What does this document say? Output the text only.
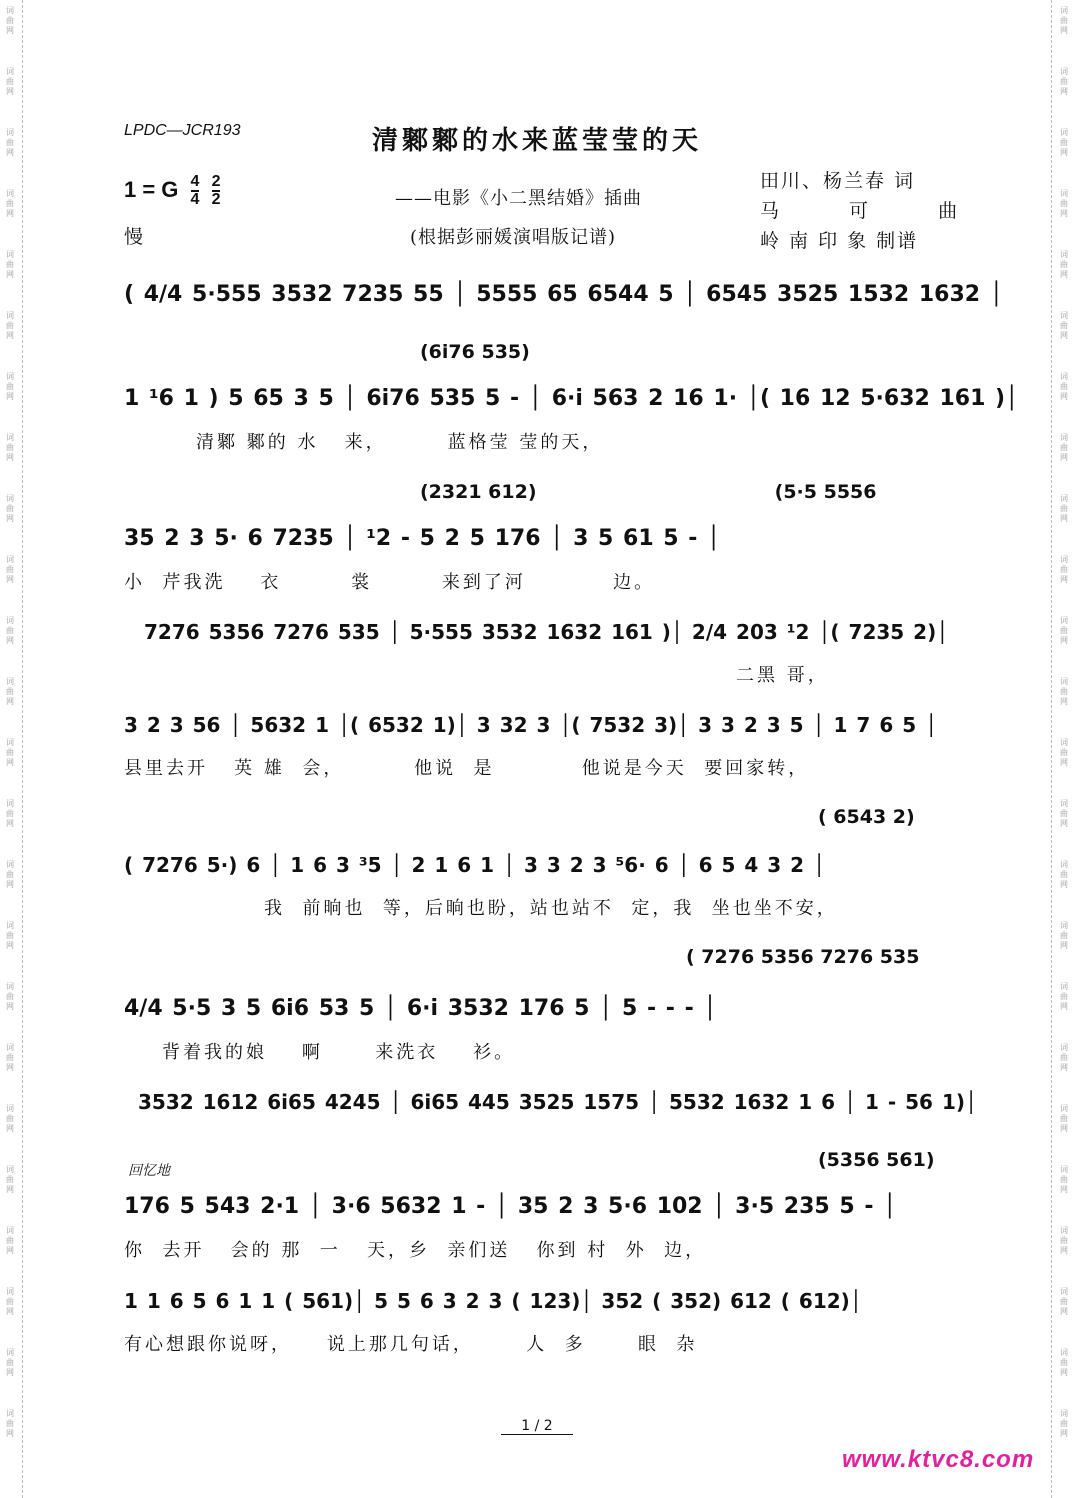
词
曲
网
词
曲
网
词
曲
网
词
曲
网
词
曲
网
词
曲
网
词
曲
网
词
曲
网
词
曲
网
词
曲
网
词
曲
网
词
曲
网
词
曲
网
词
曲
网
词
曲
网
词
曲
网
词
曲
网
词
曲
网
词
曲
网
词
曲
网
词
曲
网
词
曲
网
词
曲
网
词
曲
网
词
曲
网
词
曲
网
词
曲
网
词
曲
网
词
曲
网
词
曲
网
词
曲
网
词
曲
网
词
曲
网
词
曲
网
词
曲
网
词
曲
网
词
曲
网
词
曲
网
词
曲
网
词
曲
网
词
曲
网
词
曲
网
词
曲
网
词
曲
网
词
曲
网
词
曲
网
词
曲
网
词
曲
网
LPDC—JCR193	清鄹鄹的水来蓝莹莹的天
1 = G $\frac{4}{4}$
$\frac{2}{2}$
慢
——电影《小二黑结婚》插曲
(根据彭丽媛演唱版记谱)
田川、杨兰春 词
马 可 曲
岭 南 印 象 制谱
( 4/4 5·555 3532 7235 55 │ 5555 65 6544 5 │ 6545 3525 1532 1632 │
(6i76 535)
1 ¹6 1 ) 5 65 3 5 │ 6i76 535 5 - │ 6·i 563 2 16 1· │( 16 12 5·632 161 )│
清鄹 鄹的 水   来，       蓝格莹 莹的天，
(2321 612)                                    (5·5 5556
35 2 3 5· 6 7235 │ ¹2 - 5 2 5 176 │ 3 5 61 5 - │
小  芹我洗    衣        裳        来到了河          边。
7276 5356 7276 535 │ 5·555 3532 1632 161 )│ 2/4 203 ¹2 │( 7235 2)│
二黑 哥，
3 2 3 56 │ 5632 1 │( 6532 1)│ 3 32 3 │( 7532 3)│ 3 3 2 3 5 │ 1 7 6 5 │
县里去开   英 雄  会，        他说  是          他说是今天  要回家转，
( 6543 2)
( 7276 5·) 6 │ 1 6 3 ³5 │ 2 1 6 1 │ 3 3 2 3 ⁵6· 6 │ 6 5 4 3 2 │
我  前晌也  等，后晌也盼，站也站不  定，我  坐也坐不安，
( 7276 5356 7276 535
4/4 5·5 3 5 6i6 53 5 │ 6·i 3532 176 5 │ 5 - - - │
背着我的娘    啊      来洗衣    衫。
3532 1612 6i65 4245 │ 6i65 445 3525 1575 │ 5532 1632 1 6 │ 1 - 56 1)│
回忆地	(5356 561)
176 5 543 2·1 │ 3·6 5632 1 - │ 35 2 3 5·6 102 │ 3·5 235 5 - │
你  去开   会的 那  一   天，乡  亲们送   你到 村  外  边，
1 1 6 5 6 1 1 ( 561)│ 5 5 6 3 2 3 ( 123)│ 352 ( 352) 612 ( 612)│
有心想跟你说呀，    说上那几句话，      人  多      眼  杂
1 / 2
www.ktvc8.com
